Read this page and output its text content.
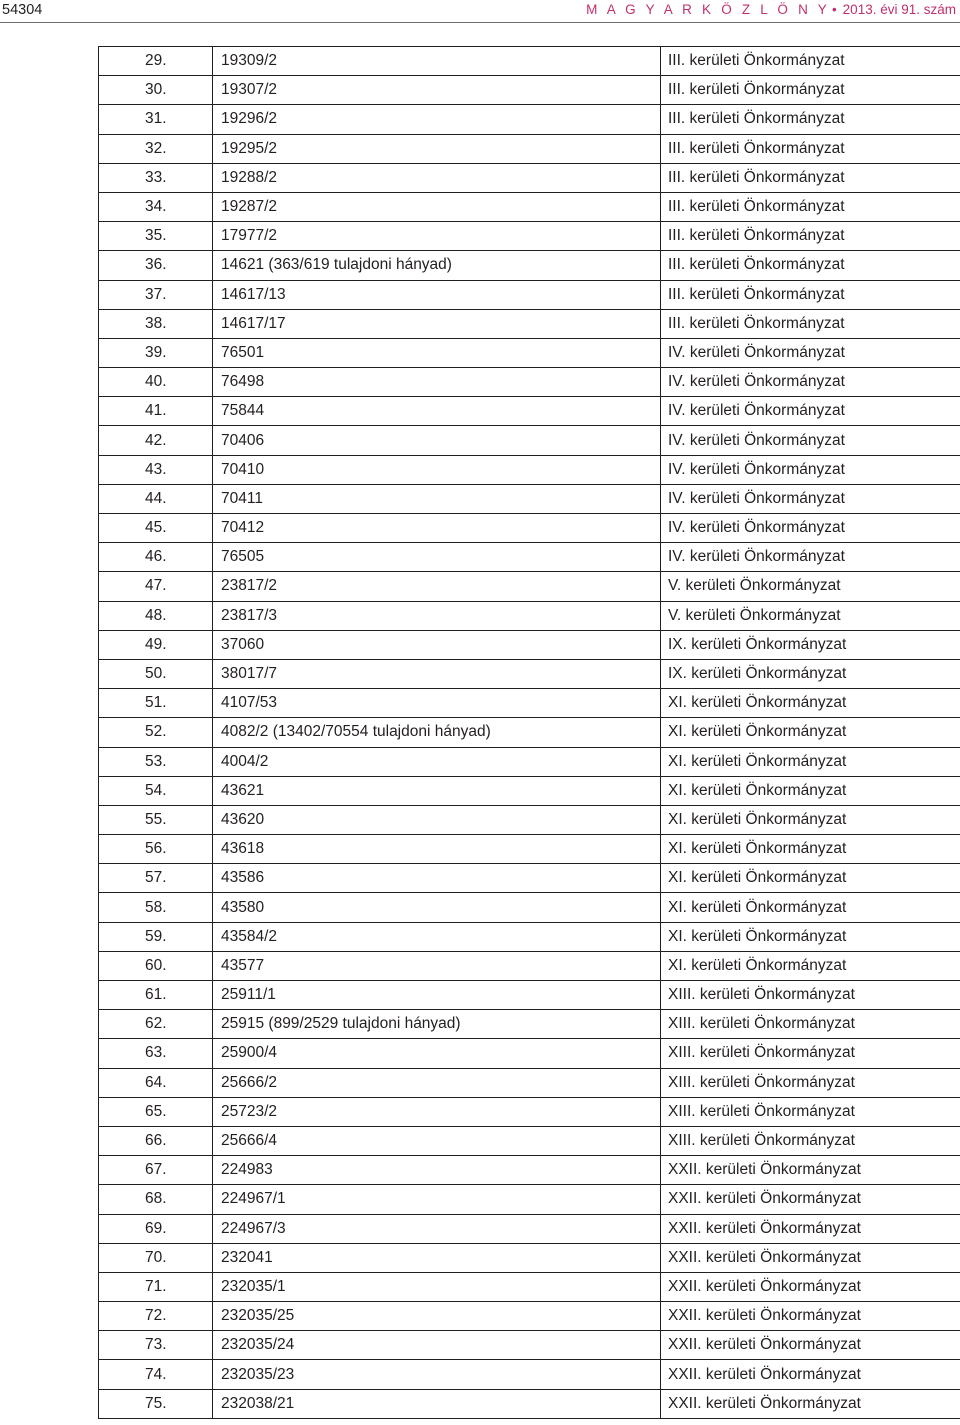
54304	M A G Y A R K Ö Z L Ö N Y • 2013. évi 91. szám
29.	19309/2	III. kerületi Önkormányzat
30.	19307/2	III. kerületi Önkormányzat
31.	19296/2	III. kerületi Önkormányzat
32.	19295/2	III. kerületi Önkormányzat
33.	19288/2	III. kerületi Önkormányzat
34.	19287/2	III. kerületi Önkormányzat
35.	17977/2	III. kerületi Önkormányzat
36.	14621 (363/619 tulajdoni hányad)	III. kerületi Önkormányzat
37.	14617/13	III. kerületi Önkormányzat
38.	14617/17	III. kerületi Önkormányzat
39.	76501	IV. kerületi Önkormányzat
40.	76498	IV. kerületi Önkormányzat
41.	75844	IV. kerületi Önkormányzat
42.	70406	IV. kerületi Önkormányzat
43.	70410	IV. kerületi Önkormányzat
44.	70411	IV. kerületi Önkormányzat
45.	70412	IV. kerületi Önkormányzat
46.	76505	IV. kerületi Önkormányzat
47.	23817/2	V. kerületi Önkormányzat
48.	23817/3	V. kerületi Önkormányzat
49.	37060	IX. kerületi Önkormányzat
50.	38017/7	IX. kerületi Önkormányzat
51.	4107/53	XI. kerületi Önkormányzat
52.	4082/2 (13402/70554 tulajdoni hányad)	XI. kerületi Önkormányzat
53.	4004/2	XI. kerületi Önkormányzat
54.	43621	XI. kerületi Önkormányzat
55.	43620	XI. kerületi Önkormányzat
56.	43618	XI. kerületi Önkormányzat
57.	43586	XI. kerületi Önkormányzat
58.	43580	XI. kerületi Önkormányzat
59.	43584/2	XI. kerületi Önkormányzat
60.	43577	XI. kerületi Önkormányzat
61.	25911/1	XIII. kerületi Önkormányzat
62.	25915 (899/2529 tulajdoni hányad)	XIII. kerületi Önkormányzat
63.	25900/4	XIII. kerületi Önkormányzat
64.	25666/2	XIII. kerületi Önkormányzat
65.	25723/2	XIII. kerületi Önkormányzat
66.	25666/4	XIII. kerületi Önkormányzat
67.	224983	XXII. kerületi Önkormányzat
68.	224967/1	XXII. kerületi Önkormányzat
69.	224967/3	XXII. kerületi Önkormányzat
70.	232041	XXII. kerületi Önkormányzat
71.	232035/1	XXII. kerületi Önkormányzat
72.	232035/25	XXII. kerületi Önkormányzat
73.	232035/24	XXII. kerületi Önkormányzat
74.	232035/23	XXII. kerületi Önkormányzat
75.	232038/21	XXII. kerületi Önkormányzat
